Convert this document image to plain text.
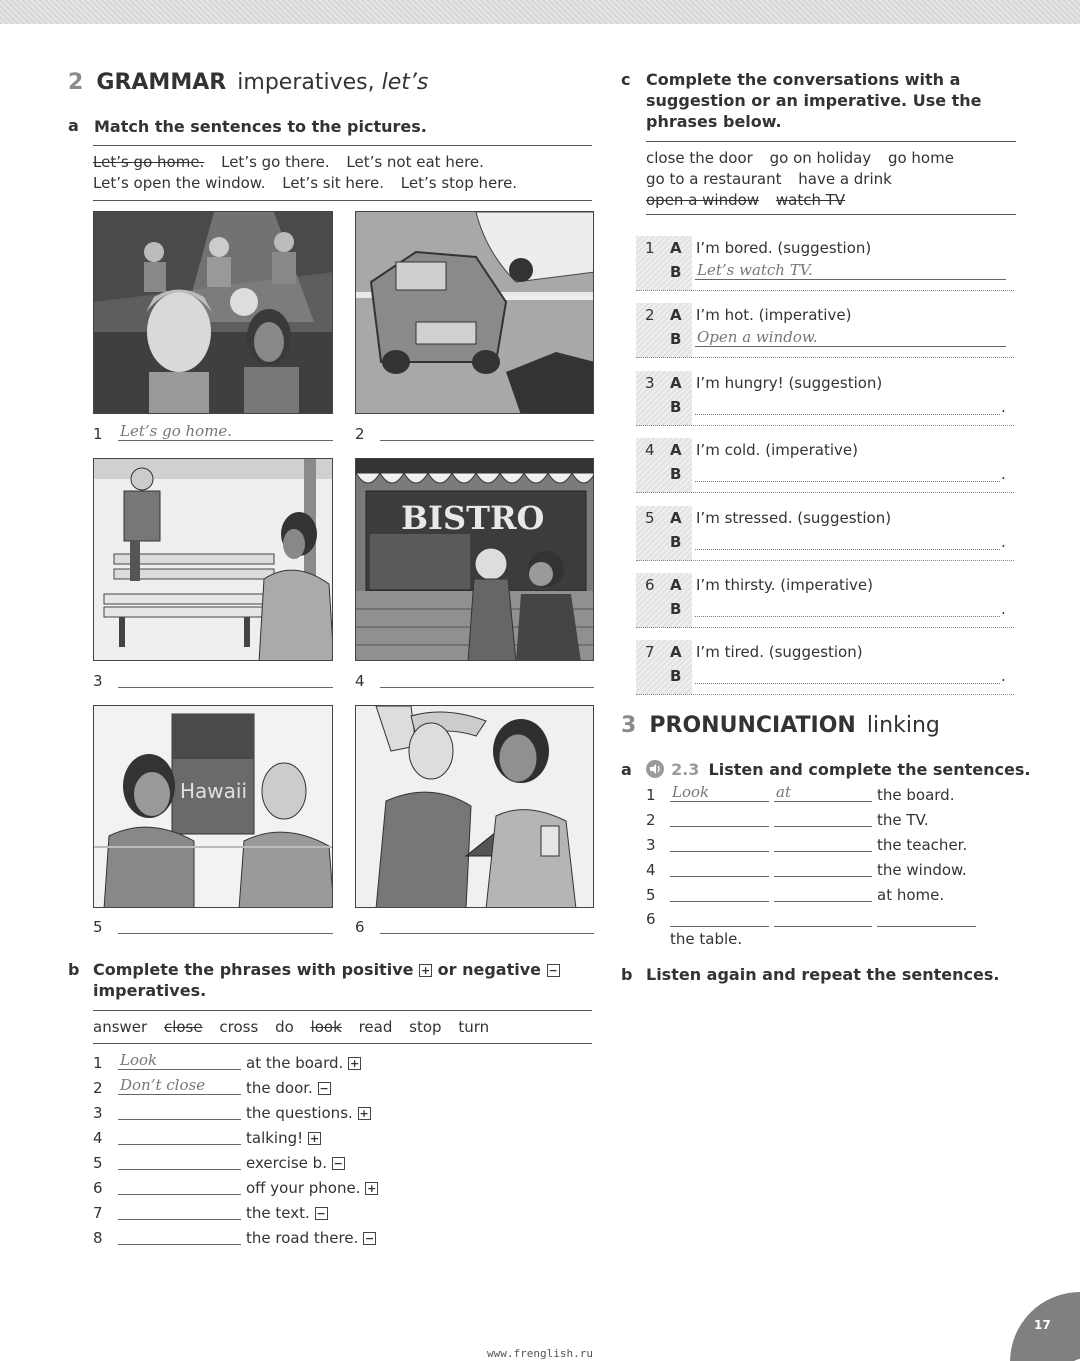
2 GRAMMAR imperatives, let’s
a Match the sentences to the pictures.
Let’s go home. Let’s go there. Let’s not eat here.
Let’s open the window. Let’s sit here. Let’s stop here.
BISTRO
Hawaii
1 Let’s go home.	2
3	4
5	6
b Complete the phrases with positive + or negative −
imperatives.
answer close cross do look read stop turn
1 Look	at the board. +
2 Don’t close	the door. −
3	the questions. +
4	talking! +
5	exercise b. −
6	off your phone. +
7	the text. −
8	the road there. −
c Complete the conversations with a
suggestion or an imperative. Use the
phrases below.
close the door go on holiday go home
go to a restaurant have a drink
open a window watch TV
1 A I’m bored. (suggestion)
B Let’s watch TV.
2 A I’m hot. (imperative)
B Open a window.
3 A I’m hungry! (suggestion)
B	.
4 A I’m cold. (imperative)
B	.
5 A I’m stressed. (suggestion)
B	.
6 A I’m thirsty. (imperative)
B	.
7 A I’m tired. (suggestion)
B	.
3 PRONUNCIATION linking
a	2.3 Listen and complete the sentences.
1 Look	at	the board.
2	the TV.
3	the teacher.
4	the window.
5	at home.
6
the table.
b Listen again and repeat the sentences.
17
www.frenglish.ru
